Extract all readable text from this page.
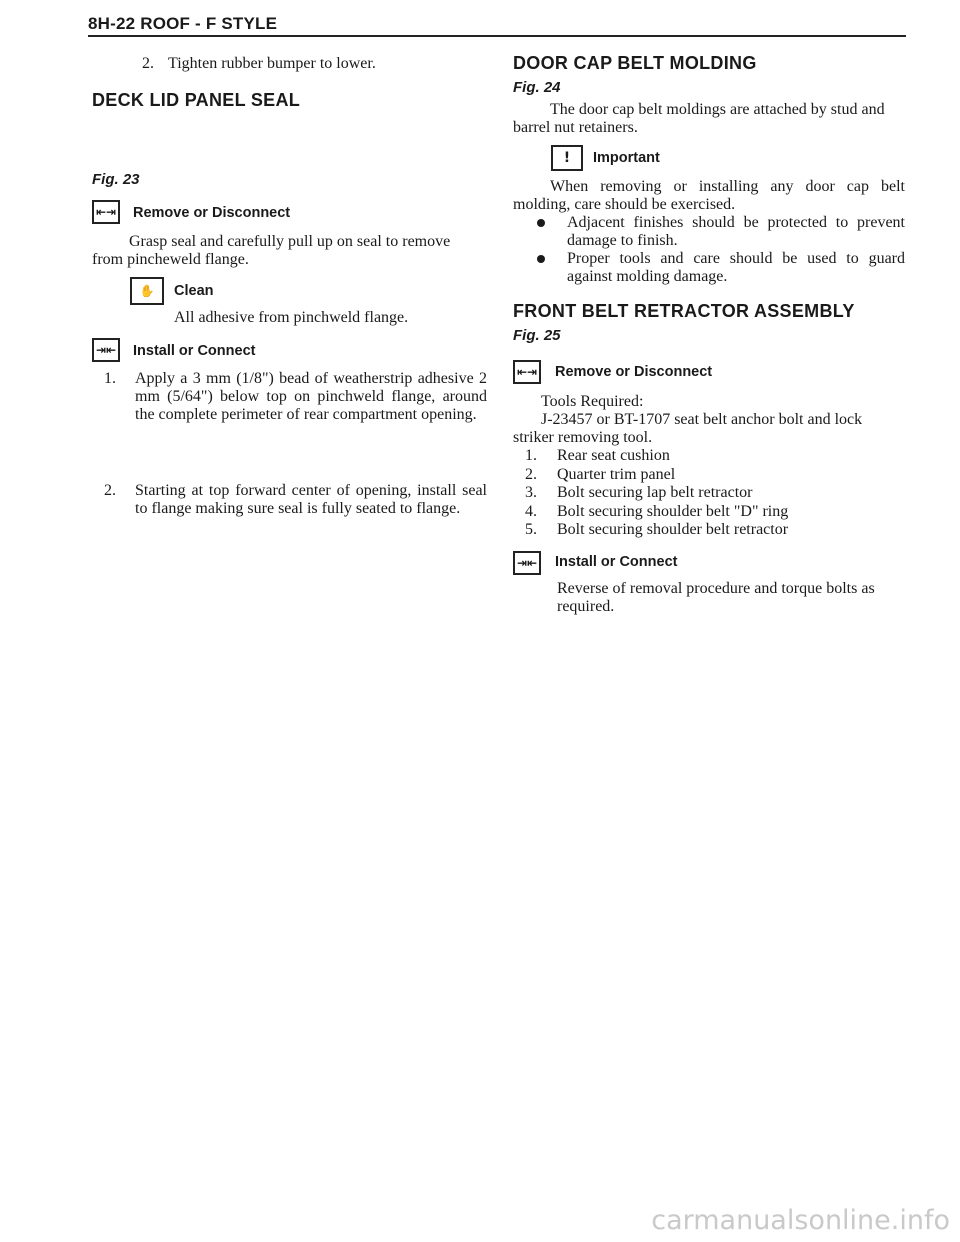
8H-22 ROOF - F STYLE
2. Tighten rubber bumper to lower.
DECK LID PANEL SEAL
Fig. 23
⇤⇥ Remove or Disconnect

Grasp seal and carefully pull up on seal to remove from pincheweld flange.

✋	Clean
All adhesive from pinchweld flange.
⇥⇤ Install or Connect
1. Apply a 3 mm (1/8") bead of weatherstrip adhesive 2 mm (5/64") below top on pinchweld flange, around the complete perimeter of rear compartment opening.

2. Starting at top forward center of opening, install seal to flange making sure seal is fully seated to flange.

DOOR CAP BELT MOLDING
Fig. 24

The door cap belt moldings are attached by stud and barrel nut retainers.

!	Important

When removing or installing any door cap belt molding, care should be exercised.

Adjacent finishes should be protected to prevent damage to finish.
Proper tools and care should be used to guard against molding damage.
FRONT BELT RETRACTOR ASSEMBLY
Fig. 25
⇤⇥ Remove or Disconnect
Tools Required:

J-23457 or BT-1707 seat belt anchor bolt and lock striker removing tool.

1. Rear seat cushion
2. Quarter trim panel
3. Bolt securing lap belt retractor
4. Bolt securing shoulder belt "D" ring
5. Bolt securing shoulder belt retractor
⇥⇤ Install or Connect
Reverse of removal procedure and torque bolts as required.
carmanualsonline.info
